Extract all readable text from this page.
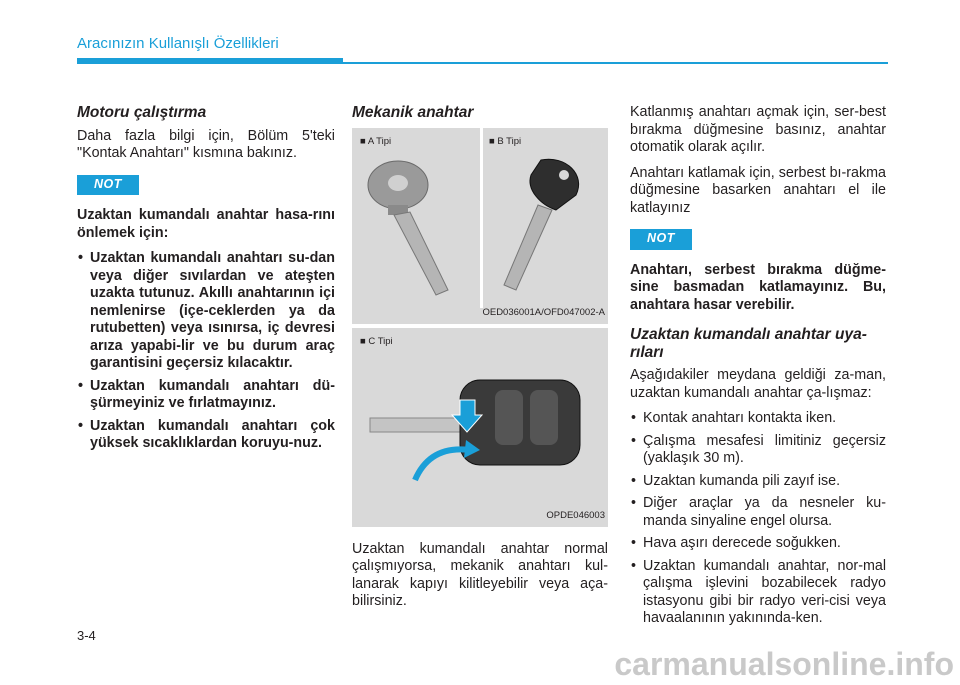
Aracınızın Kullanışlı Özellikleri
Motoru çalıştırma

Daha fazla bilgi için, Bölüm 5'teki "Kontak Anahtarı" kısmına bakınız.

NOT

Uzaktan kumandalı anahtar hasa-rını önlemek için:

• Uzaktan kumandalı anahtarı su-dan veya diğer sıvılardan ve ateşten uzakta tutunuz. Akıllı anahtarının içi nemlenirse (içe-ceklerden ya da rutubetten) veya ısınırsa, iç devresi arıza yapabi-lir ve bu durum araç garantisini geçersiz kılacaktır.
• Uzaktan kumandalı anahtarı dü-şürmeyiniz ve fırlatmayınız.
• Uzaktan kumandalı anahtarı çok yüksek sıcaklıklardan koruyu-nuz.
Mekanik anahtar
■ A Tipi	■ B Tipi
OED036001A/OFD047002-A
■ C Tipi
OPDE046003

Uzaktan kumandalı anahtar normal çalışmıyorsa, mekanik anahtarı kul-lanarak kapıyı kilitleyebilir veya aça-bilirsiniz.

Katlanmış anahtarı açmak için, ser-best bırakma düğmesine basınız, anahtar otomatik olarak açılır.

Anahtarı katlamak için, serbest bı-rakma düğmesine basarken anahtarı el ile katlayınız

NOT

Anahtarı, serbest bırakma düğme-sine basmadan katlamayınız. Bu, anahtara hasar verebilir.

Uzaktan kumandalı anahtar uya-rıları

Aşağıdakiler meydana geldiği za-man, uzaktan kumandalı anahtar ça-lışmaz:

• Kontak anahtarı kontakta iken.
• Çalışma mesafesi limitiniz geçersiz (yaklaşık 30 m).
• Uzaktan kumanda pili zayıf ise.
• Diğer araçlar ya da nesneler ku-manda sinyaline engel olursa.
• Hava aşırı derecede soğukken.
• Uzaktan kumandalı anahtar, nor-mal çalışma işlevini bozabilecek radyo istasyonu gibi bir radyo veri-cisi veya havaalanının yakınında-ken.
3-4
carmanualsonline.info
